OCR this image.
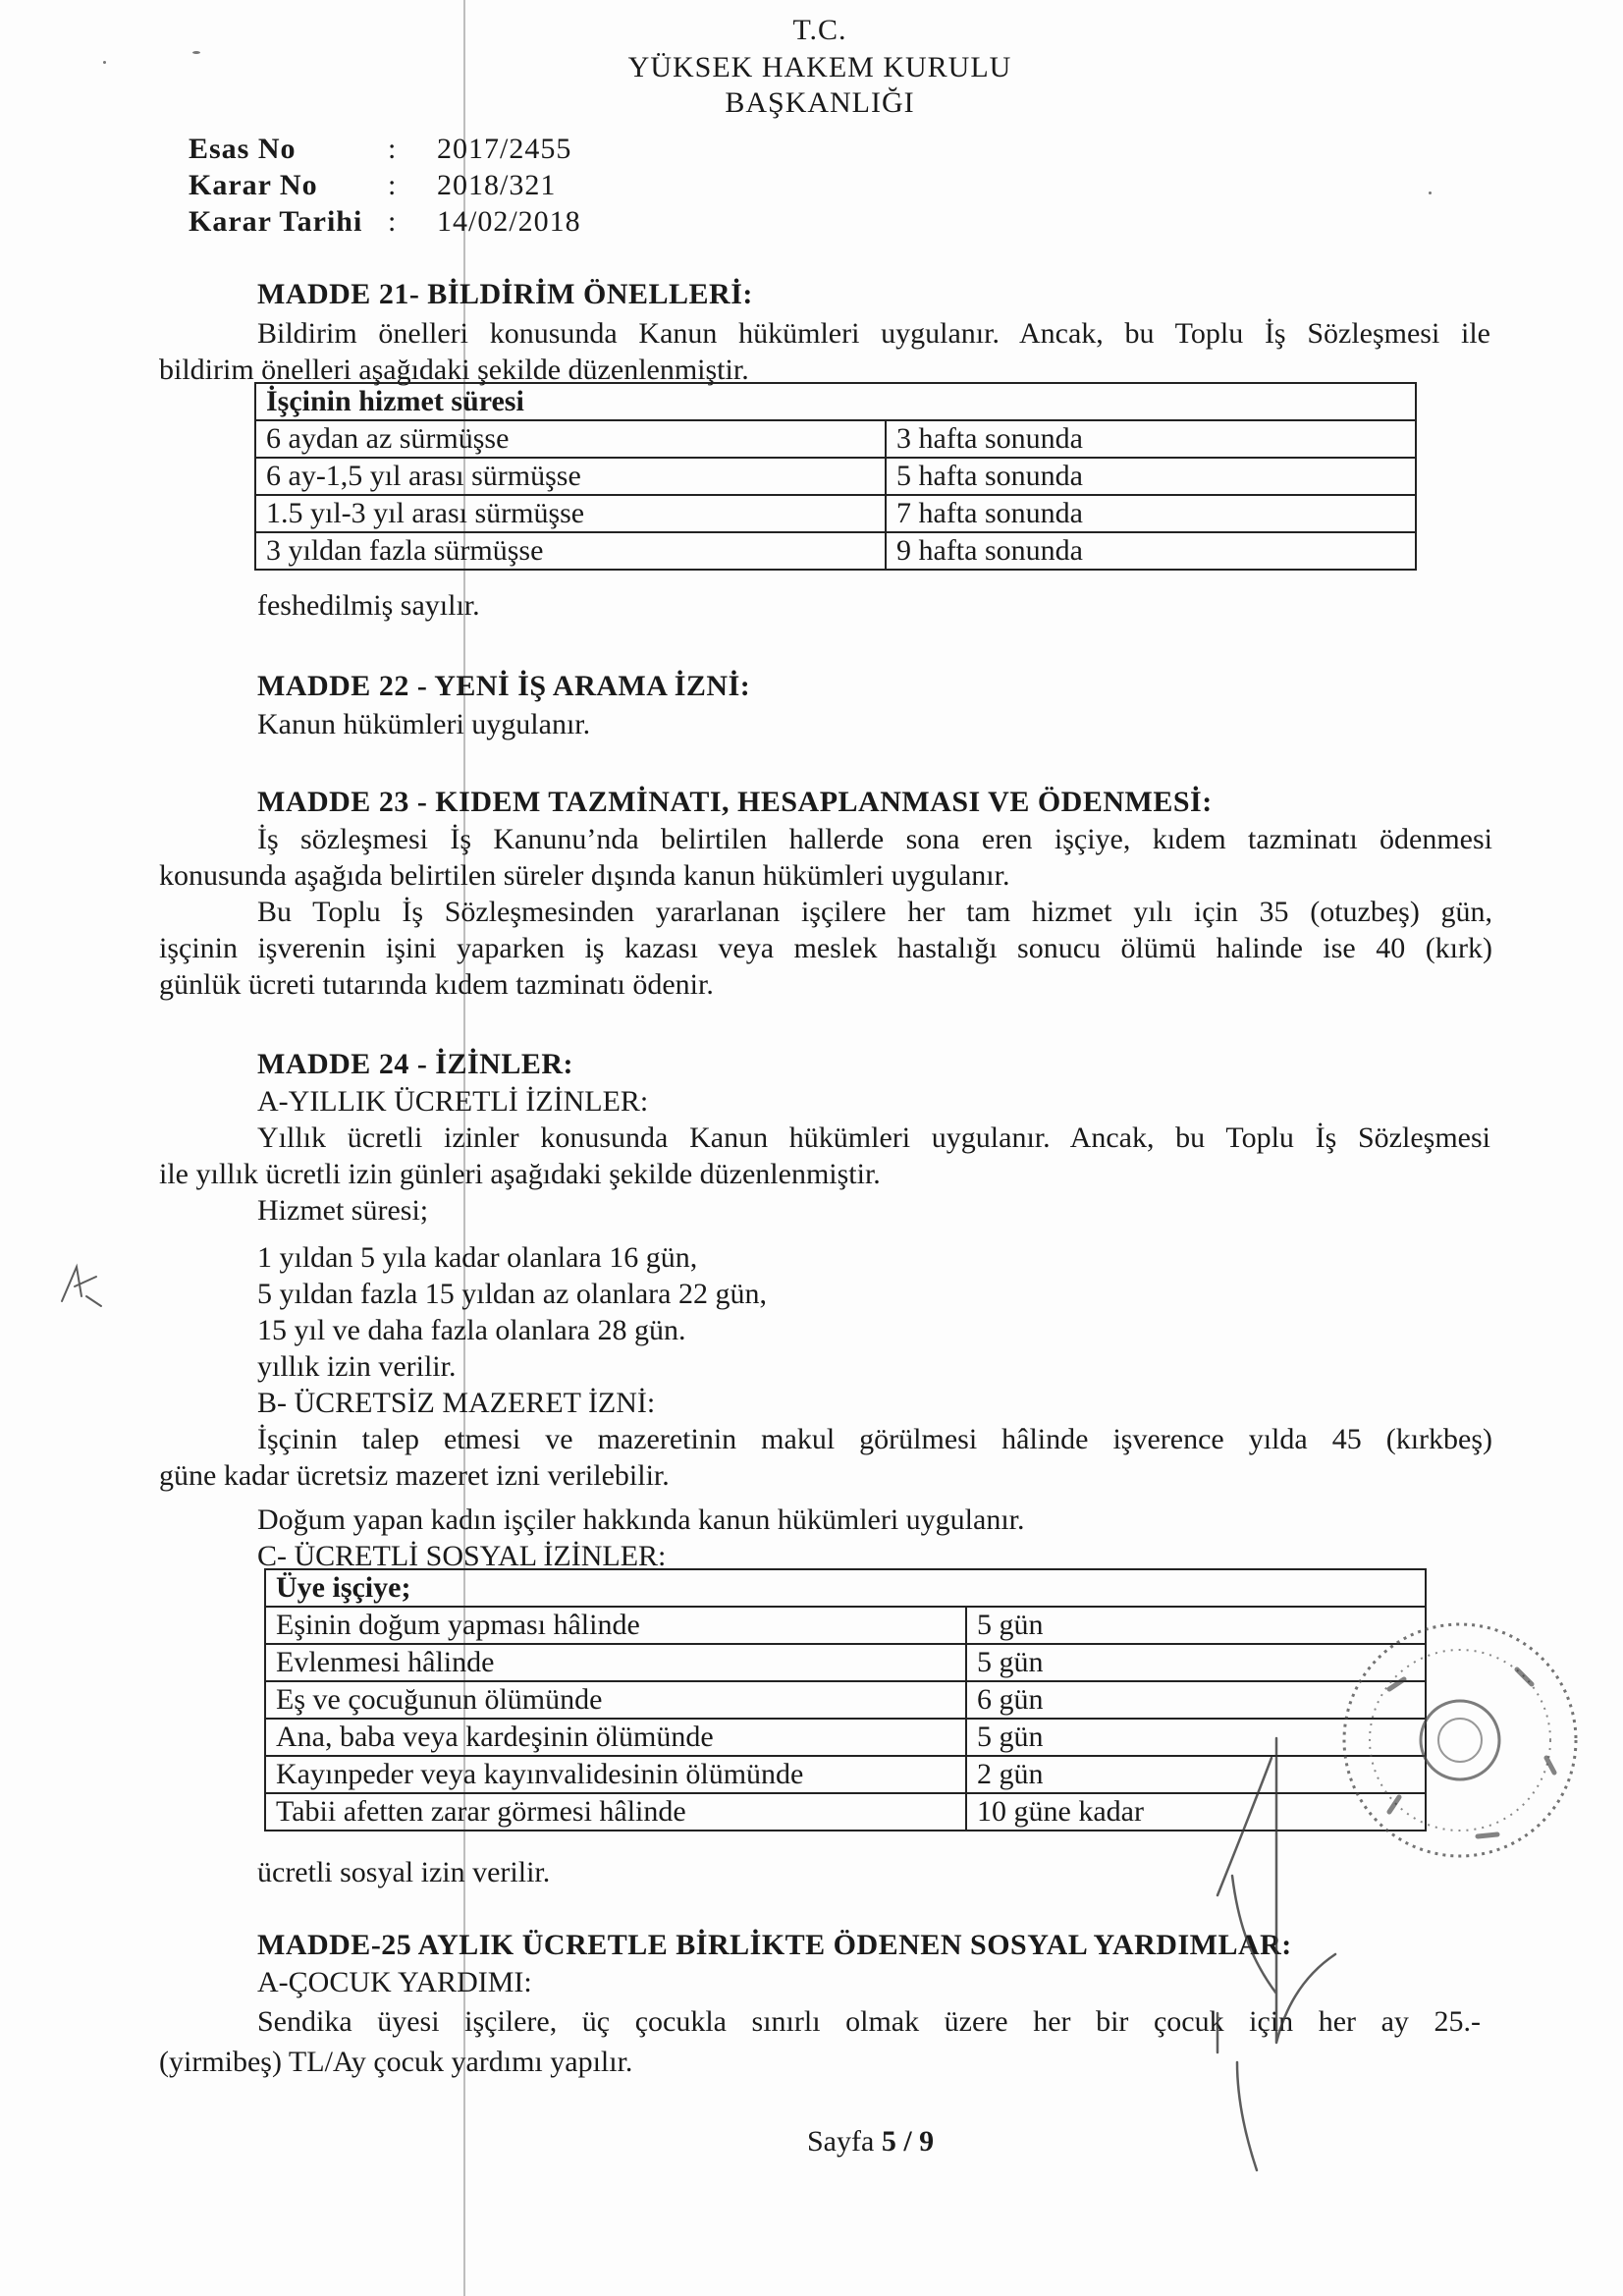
T.C.
YÜKSEK HAKEM KURULU
BAŞKANLIĞI
Esas No	: 2017/2455
Karar No : 2018/321
Karar Tarihi : 14/02/2018
MADDE 21- BİLDİRİM ÖNELLERİ:
Bildirim önelleri konusunda Kanun hükümleri uygulanır. Ancak, bu Toplu İş Sözleşmesi ile
bildirim önelleri aşağıdaki şekilde düzenlenmiştir.
İşçinin hizmet süresi	
6 aydan az sürmüşse	3 hafta sonunda
6 ay-1,5 yıl arası sürmüşse	5 hafta sonunda
1.5 yıl-3 yıl arası sürmüşse	7 hafta sonunda
3 yıldan fazla sürmüşse	9 hafta sonunda
feshedilmiş sayılır.
MADDE 22 - YENİ İŞ ARAMA İZNİ:
Kanun hükümleri uygulanır.
MADDE 23 - KIDEM TAZMİNATI, HESAPLANMASI VE ÖDENMESİ:
İş sözleşmesi İş Kanunu’nda belirtilen hallerde sona eren işçiye, kıdem tazminatı ödenmesi
konusunda aşağıda belirtilen süreler dışında kanun hükümleri uygulanır.
Bu Toplu İş Sözleşmesinden yararlanan işçilere her tam hizmet yılı için 35 (otuzbeş) gün,
işçinin işverenin işini yaparken iş kazası veya meslek hastalığı sonucu ölümü halinde ise 40 (kırk)
günlük ücreti tutarında kıdem tazminatı ödenir.
MADDE 24 - İZİNLER:
A-YILLIK ÜCRETLİ İZİNLER:
Yıllık ücretli izinler konusunda Kanun hükümleri uygulanır. Ancak, bu Toplu İş Sözleşmesi
ile yıllık ücretli izin günleri aşağıdaki şekilde düzenlenmiştir.
Hizmet süresi;
1 yıldan 5 yıla kadar olanlara 16 gün,
5 yıldan fazla 15 yıldan az olanlara 22 gün,
15 yıl ve daha fazla olanlara 28 gün.
yıllık izin verilir.
B- ÜCRETSİZ MAZERET İZNİ:
İşçinin talep etmesi ve mazeretinin makul görülmesi hâlinde işverence yılda 45 (kırkbeş)
güne kadar ücretsiz mazeret izni verilebilir.
Doğum yapan kadın işçiler hakkında kanun hükümleri uygulanır.
C- ÜCRETLİ SOSYAL İZİNLER:
Üye işçiye;	
Eşinin doğum yapması hâlinde	5 gün
Evlenmesi hâlinde	5 gün
Eş ve çocuğunun ölümünde	6 gün
Ana, baba veya kardeşinin ölümünde	5 gün
Kayınpeder veya kayınvalidesinin ölümünde	2 gün
Tabii afetten zarar görmesi hâlinde	10 güne kadar
ücretli sosyal izin verilir.
MADDE-25 AYLIK ÜCRETLE BİRLİKTE ÖDENEN SOSYAL YARDIMLAR:
A-ÇOCUK YARDIMI:
Sendika üyesi işçilere, üç çocukla sınırlı olmak üzere her bir çocuk için her ay 25.-
(yirmibeş) TL/Ay çocuk yardımı yapılır.
Sayfa 5 / 9
